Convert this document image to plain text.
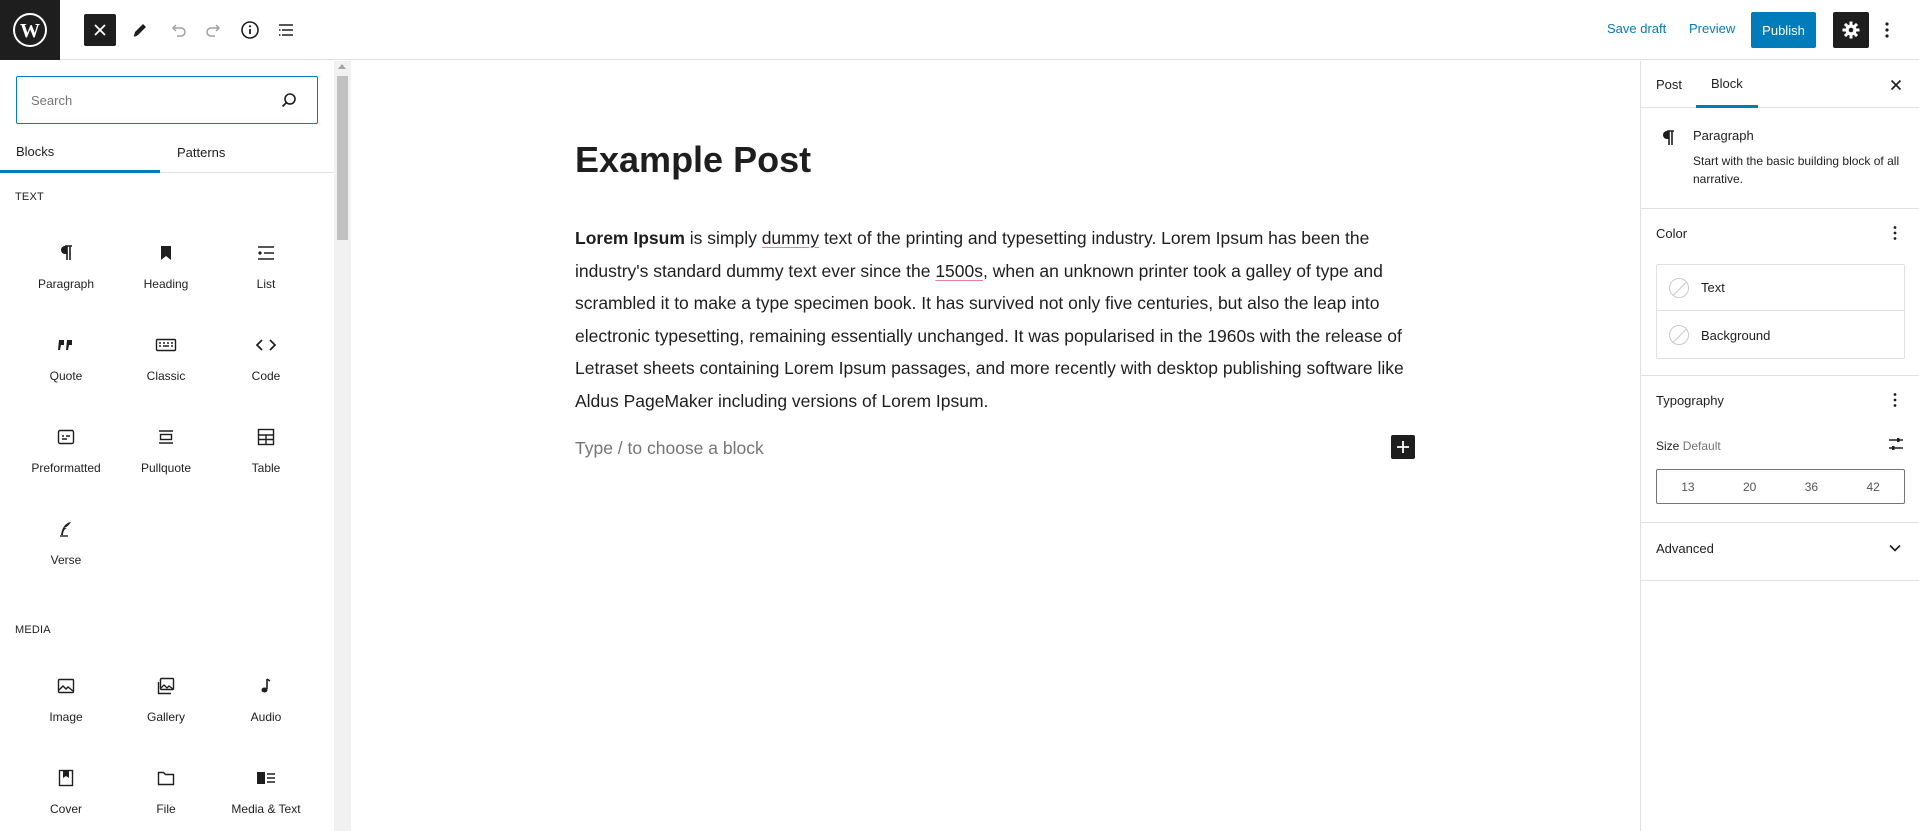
W	Save draft Preview	Publish
Search
Blocks	Patterns
TEXT
Paragraph	Heading	List
Quote	Classic	Code
Preformatted	Pullquote	Table
Verse
MEDIA
Image	Gallery	Audio
Cover	File	Media & Text
Example Post
Lorem Ipsum is simply dummy text of the printing and typesetting industry. Lorem Ipsum has been the industry's standard dummy text ever since the 1500s, when an unknown printer took a galley of type and scrambled it to make a type specimen book. It has survived not only five centuries, but also the leap into electronic typesetting, remaining essentially unchanged. It was popularised in the 1960s with the release of Letraset sheets containing Lorem Ipsum passages, and more recently with desktop publishing software like Aldus PageMaker including versions of Lorem Ipsum.
Type / to choose a block
Post	Block
Paragraph
Start with the basic building block of all narrative.
Color
Text
Background
Typography
Size Default
13	20	36	42
Advanced
